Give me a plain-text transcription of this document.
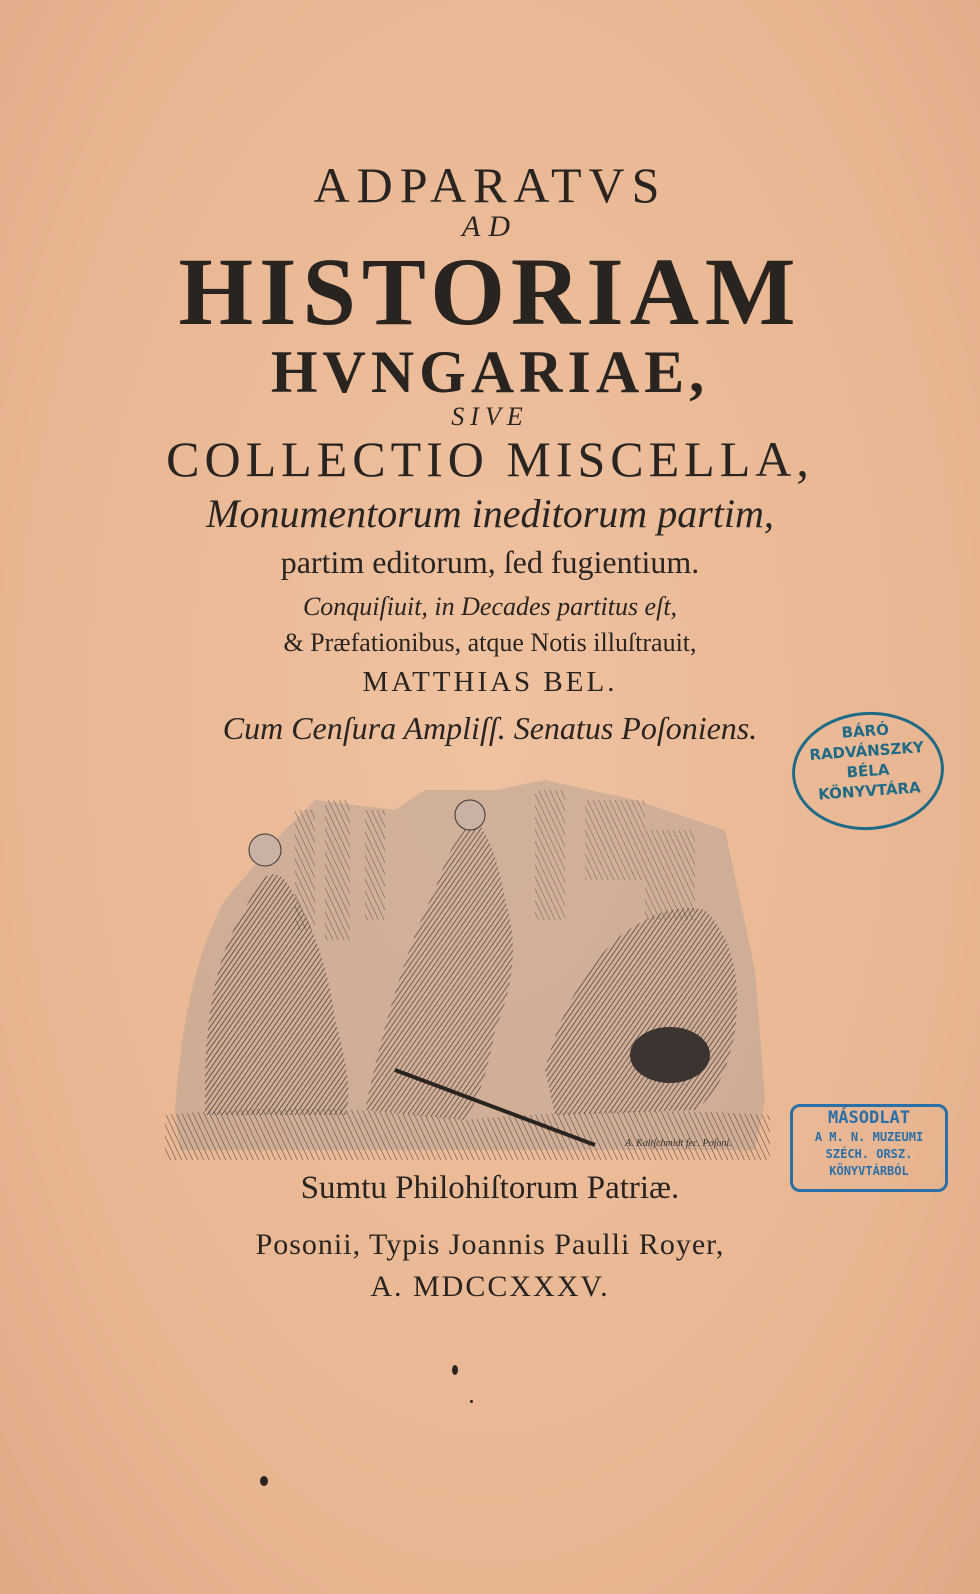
ADPARATVS
AD
HISTORIAM
HVNGARIAE,
SIVE
COLLECTIO MISCELLA,
Monumentorum ineditorum partim,
partim editorum, ſed fugientium.
Conquiſiuit, in Decades partitus eſt,
& Præfationibus, atque Notis illuſtrauit,
MATTHIAS BEL.
Cum Cenſura Ampliſſ. Senatus Poſoniens.
A. Kaltſchmidt fec. Poſoni.
Sumtu Philohiſtorum Patriæ.
Posonii, Typis Joannis Paulli Royer,
A. MDCCXXXV.
BÁRÓ
RADVÁNSZKY
BÉLA
KÖNYVTÁRA
MÁSODLAT
A M. N. MUZEUMI
SZÉCH. ORSZ.
KÖNYVTÁRBÓL
